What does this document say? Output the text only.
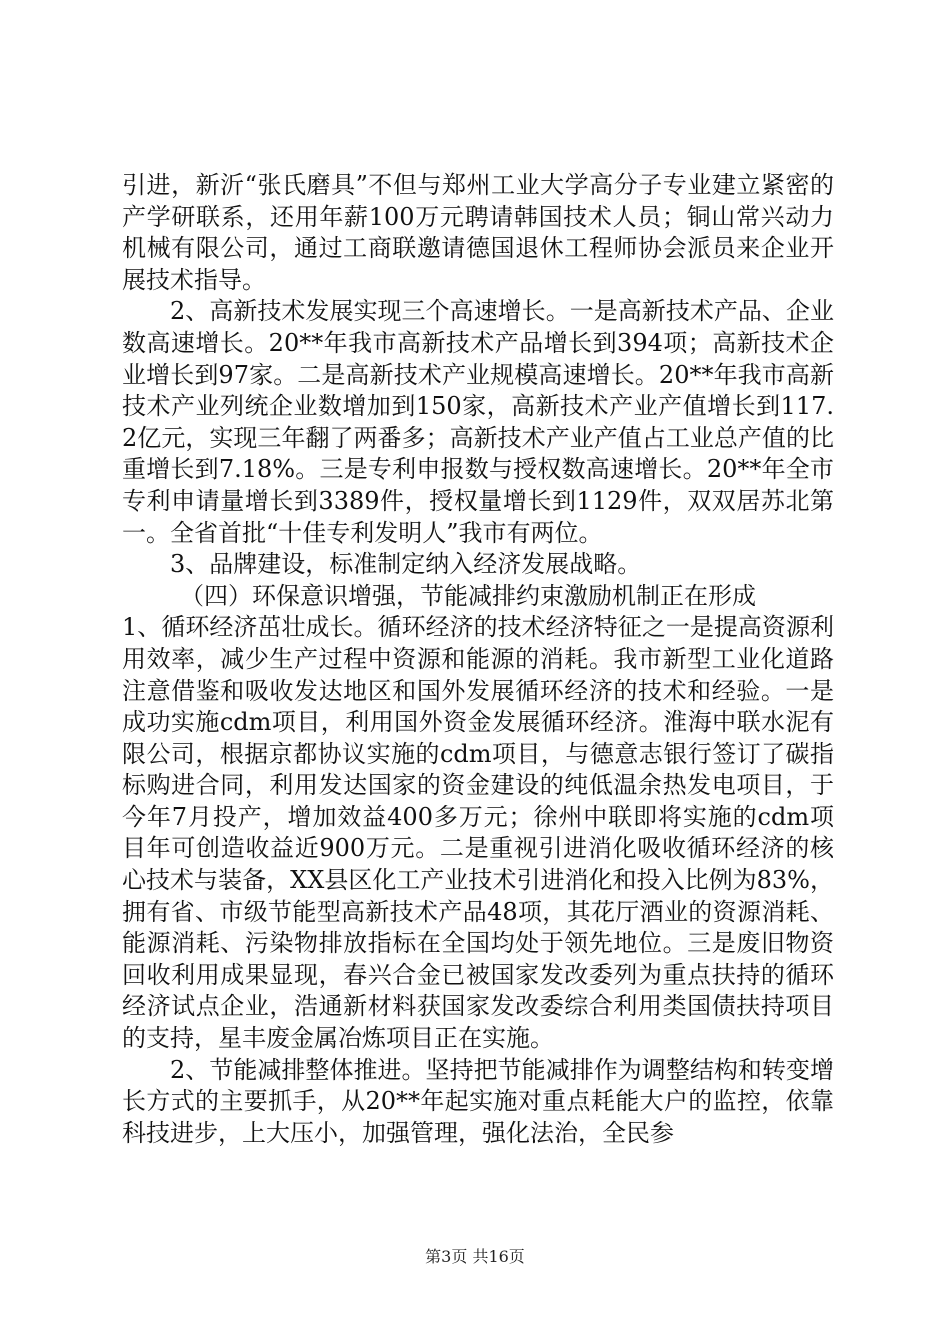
引进，新沂“张氏磨具”不但与郑州工业大学高分子专业建立紧密的产学研联系，还用年薪100万元聘请韩国技术人员；铜山常兴动力机械有限公司，通过工商联邀请德国退休工程师协会派员来企业开展技术指导。

2、高新技术发展实现三个高速增长。一是高新技术产品、企业数高速增长。20**年我市高新技术产品增长到394项；高新技术企业增长到97家。二是高新技术产业规模高速增长。20**年我市高新技术产业列统企业数增加到150家，高新技术产业产值增长到117.2亿元，实现三年翻了两番多；高新技术产业产值占工业总产值的比重增长到7.18%。三是专利申报数与授权数高速增长。20**年全市专利申请量增长到3389件，授权量增长到1129件，双双居苏北第一。全省首批“十佳专利发明人”我市有两位。

3、品牌建设，标准制定纳入经济发展战略。

（四）环保意识增强，节能减排约束激励机制正在形成

1、循环经济茁壮成长。循环经济的技术经济特征之一是提高资源利用效率，减少生产过程中资源和能源的消耗。我市新型工业化道路注意借鉴和吸收发达地区和国外发展循环经济的技术和经验。一是成功实施cdm项目，利用国外资金发展循环经济。淮海中联水泥有限公司，根据京都协议实施的cdm项目，与德意志银行签订了碳指标购进合同，利用发达国家的资金建设的纯低温余热发电项目，于今年7月投产，增加效益400多万元；徐州中联即将实施的cdm项目年可创造收益近900万元。二是重视引进消化吸收循环经济的核心技术与装备，XX县区化工产业技术引进消化和投入比例为83%，拥有省、市级节能型高新技术产品48项，其花厅酒业的资源消耗、能源消耗、污染物排放指标在全国均处于领先地位。三是废旧物资回收利用成果显现，春兴合金已被国家发改委列为重点扶持的循环经济试点企业，浩通新材料获国家发改委综合利用类国债扶持项目的支持，星丰废金属冶炼项目正在实施。

2、节能减排整体推进。坚持把节能减排作为调整结构和转变增长方式的主要抓手，从20**年起实施对重点耗能大户的监控，依靠科技进步，上大压小，加强管理，强化法治，全民参

第3页 共16页
